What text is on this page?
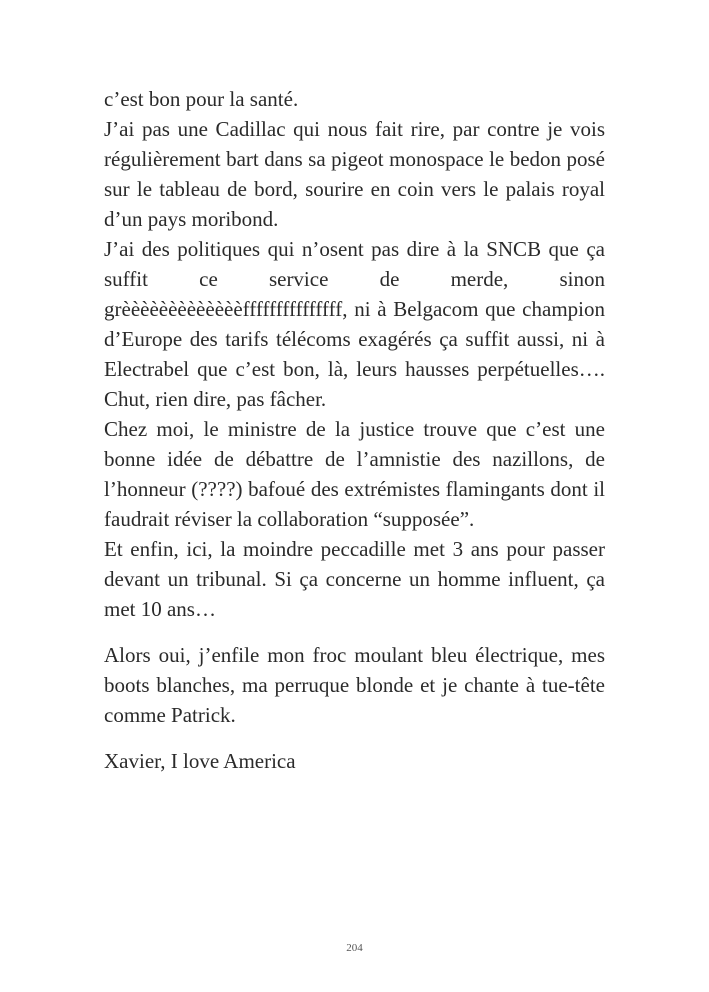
c’est bon pour la santé.

J’ai pas une Cadillac qui nous fait rire, par contre je vois régulièrement bart dans sa pigeot monospace le bedon posé sur le tableau de bord, sourire en coin vers le palais royal d’un pays moribond.

J’ai des politiques qui n’osent pas dire à la SNCB que ça suffit ce service de merde, sinon grèèèèèèèèèèèèèfffffffffffffff, ni à Belgacom que champion d’Europe des tarifs télécoms exagérés ça suffit aussi, ni à Electrabel que c’est bon, là, leurs hausses perpétuelles…. Chut, rien dire, pas fâcher.

Chez moi, le ministre de la justice trouve que c’est une bonne idée de débattre de l’amnistie des nazillons, de l’honneur (????) bafoué des extrémistes flamingants dont il faudrait réviser la collaboration “supposée”.

Et enfin, ici, la moindre peccadille met 3 ans pour passer devant un tribunal. Si ça concerne un homme influent, ça met 10 ans…

Alors oui, j’enfile mon froc moulant bleu électrique, mes boots blanches, ma perruque blonde et je chante à tue-tête comme Patrick.

Xavier, I love America

204
